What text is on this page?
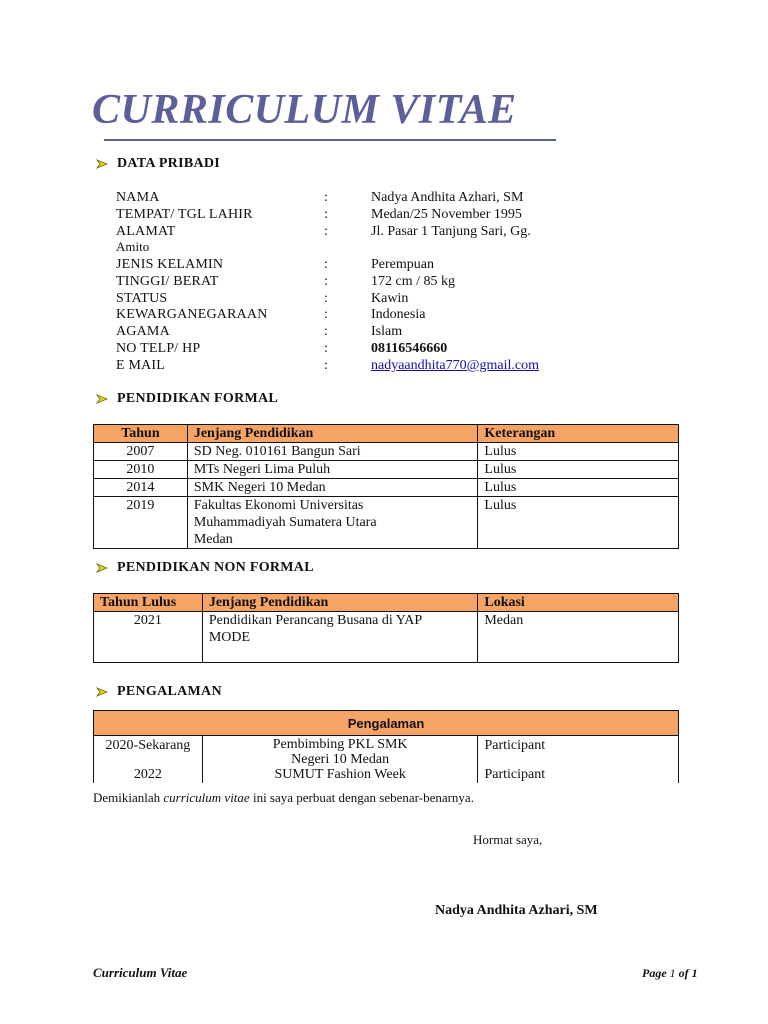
CURRICULUM VITAE
DATA PRIBADI
NAMA	:	Nadya Andhita Azhari, SM
TEMPAT/ TGL LAHIR	:	Medan/25 November 1995
ALAMAT	:	Jl. Pasar 1 Tanjung Sari, Gg.
Amito
JENIS KELAMIN	:	Perempuan
TINGGI/ BERAT	:	172 cm / 85 kg
STATUS	:	Kawin
KEWARGANEGARAAN	:	Indonesia
AGAMA	:	Islam
NO TELP/ HP	:	08116546660
E MAIL	:	nadyaandhita770@gmail.com
PENDIDIKAN FORMAL
Tahun	Jenjang Pendidikan	Keterangan
2007	SD Neg. 010161 Bangun Sari	Lulus
2010	MTs Negeri Lima Puluh	Lulus
2014	SMK Negeri 10 Medan	Lulus
2019	Fakultas Ekonomi Universitas Muhammadiyah Sumatera Utara Medan	Lulus
PENDIDIKAN NON FORMAL
Tahun Lulus	Jenjang Pendidikan	Lokasi
2021	Pendidikan Perancang Busana di YAP MODE	Medan
PENGALAMAN
Pengalaman		
2020-Sekarang	Pembimbing PKL SMK Negeri 10 Medan	Participant
2022	SUMUT Fashion Week	Participant
Demikianlah curriculum vitae ini saya perbuat dengan sebenar-benarnya.
Hormat saya,
Nadya Andhita Azhari, SM
Curriculum Vitae	Page 1 of 1
